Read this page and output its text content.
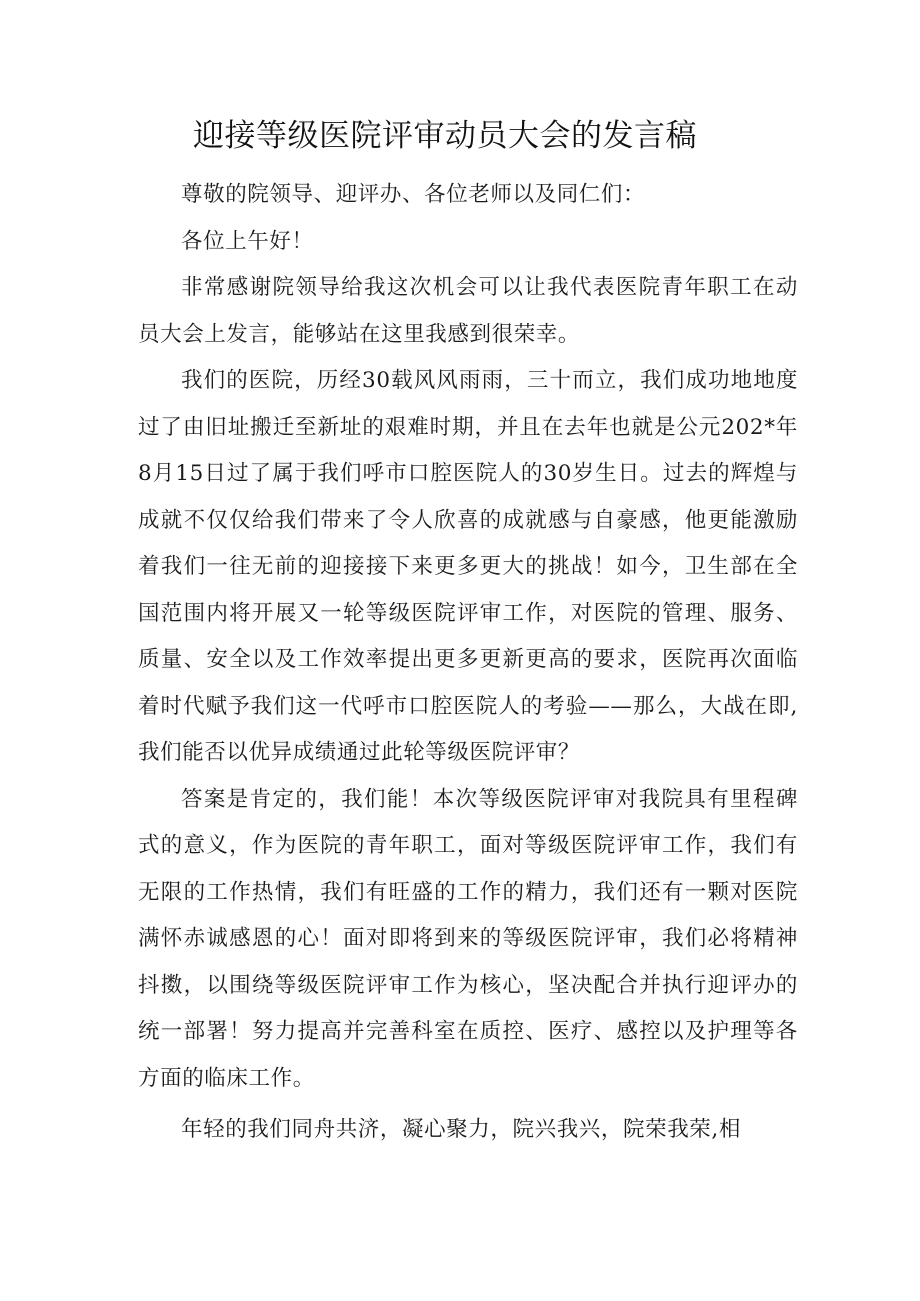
迎接等级医院评审动员大会的发言稿

尊敬的院领导、迎评办、各位老师以及同仁们：

各位上午好！

非常感谢院领导给我这次机会可以让我代表医院青年职工在动员大会上发言，能够站在这里我感到很荣幸。

我们的医院，历经30载风风雨雨，三十而立，我们成功地地度过了由旧址搬迁至新址的艰难时期，并且在去年也就是公元202*年8月15日过了属于我们呼市口腔医院人的30岁生日。过去的辉煌与成就不仅仅给我们带来了令人欣喜的成就感与自豪感，他更能激励着我们一往无前的迎接接下来更多更大的挑战！如今，卫生部在全国范围内将开展又一轮等级医院评审工作，对医院的管理、服务、质量、安全以及工作效率提出更多更新更高的要求，医院再次面临着时代赋予我们这一代呼市口腔医院人的考验——那么，大战在即,我们能否以优异成绩通过此轮等级医院评审？

答案是肯定的，我们能！本次等级医院评审对我院具有里程碑式的意义，作为医院的青年职工，面对等级医院评审工作，我们有无限的工作热情，我们有旺盛的工作的精力，我们还有一颗对医院满怀赤诚感恩的心！面对即将到来的等级医院评审，我们必将精神抖擞，以围绕等级医院评审工作为核心，坚决配合并执行迎评办的统一部署！努力提高并完善科室在质控、医疗、感控以及护理等各方面的临床工作。

年轻的我们同舟共济，凝心聚力，院兴我兴，院荣我荣,相
